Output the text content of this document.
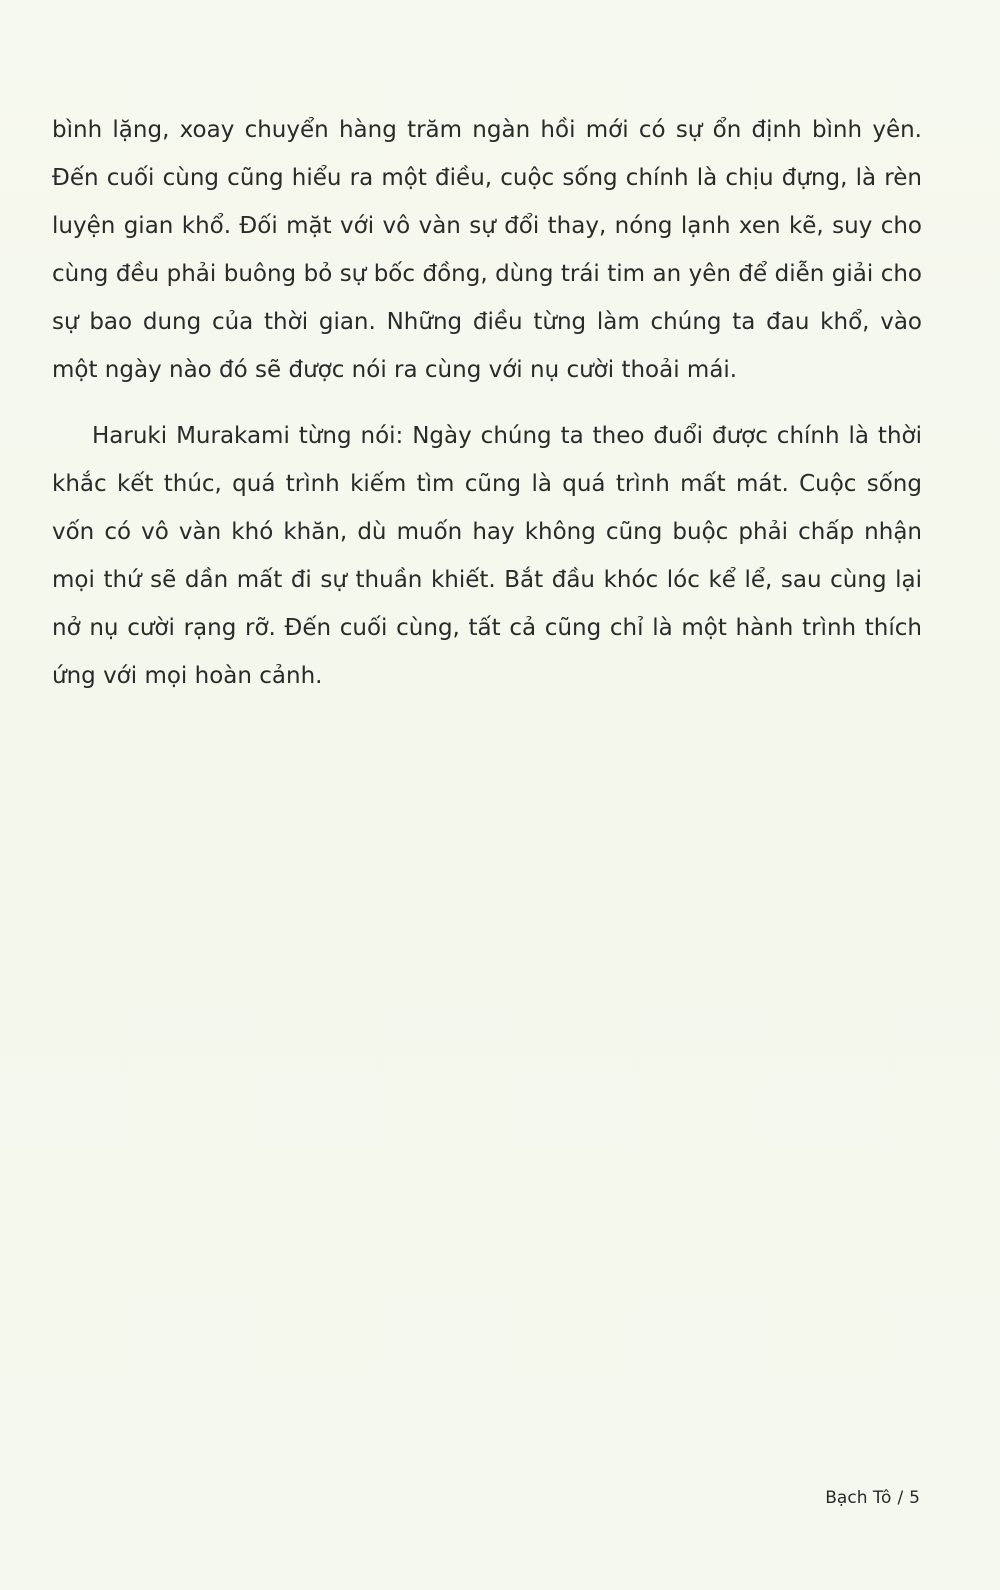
bình lặng, xoay chuyển hàng trăm ngàn hồi mới có sự ổn định bình yên. Đến cuối cùng cũng hiểu ra một điều, cuộc sống chính là chịu đựng, là rèn luyện gian khổ. Đối mặt với vô vàn sự đổi thay, nóng lạnh xen kẽ, suy cho cùng đều phải buông bỏ sự bốc đồng, dùng trái tim an yên để diễn giải cho sự bao dung của thời gian. Những điều từng làm chúng ta đau khổ, vào một ngày nào đó sẽ được nói ra cùng với nụ cười thoải mái.

Haruki Murakami từng nói: Ngày chúng ta theo đuổi được chính là thời khắc kết thúc, quá trình kiếm tìm cũng là quá trình mất mát. Cuộc sống vốn có vô vàn khó khăn, dù muốn hay không cũng buộc phải chấp nhận mọi thứ sẽ dần mất đi sự thuần khiết. Bắt đầu khóc lóc kể lể, sau cùng lại nở nụ cười rạng rỡ. Đến cuối cùng, tất cả cũng chỉ là một hành trình thích ứng với mọi hoàn cảnh.

Bạch Tô / 5
